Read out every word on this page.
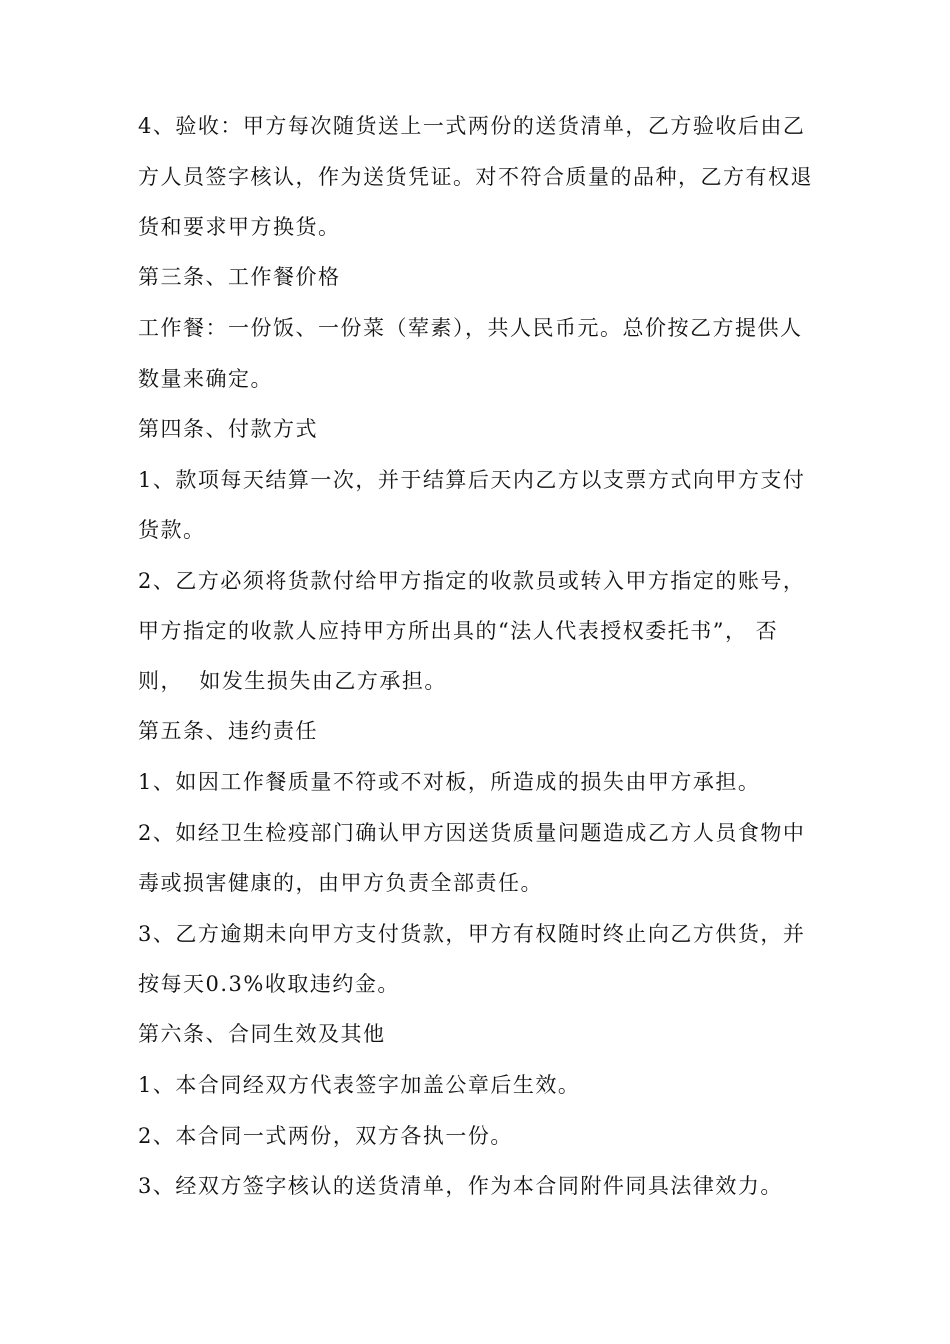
4、验收：甲方每次随货送上一式两份的送货清单，乙方验收后由乙
方人员签字核认，作为送货凭证。对不符合质量的品种，乙方有权退
货和要求甲方换货。
第三条、工作餐价格
工作餐：一份饭、一份菜（荤素），共人民币元。总价按乙方提供人
数量来确定。
第四条、付款方式
1、款项每天结算一次，并于结算后天内乙方以支票方式向甲方支付
货款。
2、乙方必须将货款付给甲方指定的收款员或转入甲方指定的账号，
甲方指定的收款人应持甲方所出具的“法人代表授权委托书”， 否
则，  如发生损失由乙方承担。
第五条、违约责任
1、如因工作餐质量不符或不对板，所造成的损失由甲方承担。
2、如经卫生检疫部门确认甲方因送货质量问题造成乙方人员食物中
毒或损害健康的，由甲方负责全部责任。
3、乙方逾期未向甲方支付货款，甲方有权随时终止向乙方供货，并
按每天0.3%收取违约金。
第六条、合同生效及其他
1、本合同经双方代表签字加盖公章后生效。
2、本合同一式两份，双方各执一份。
3、经双方签字核认的送货清单，作为本合同附件同具法律效力。
